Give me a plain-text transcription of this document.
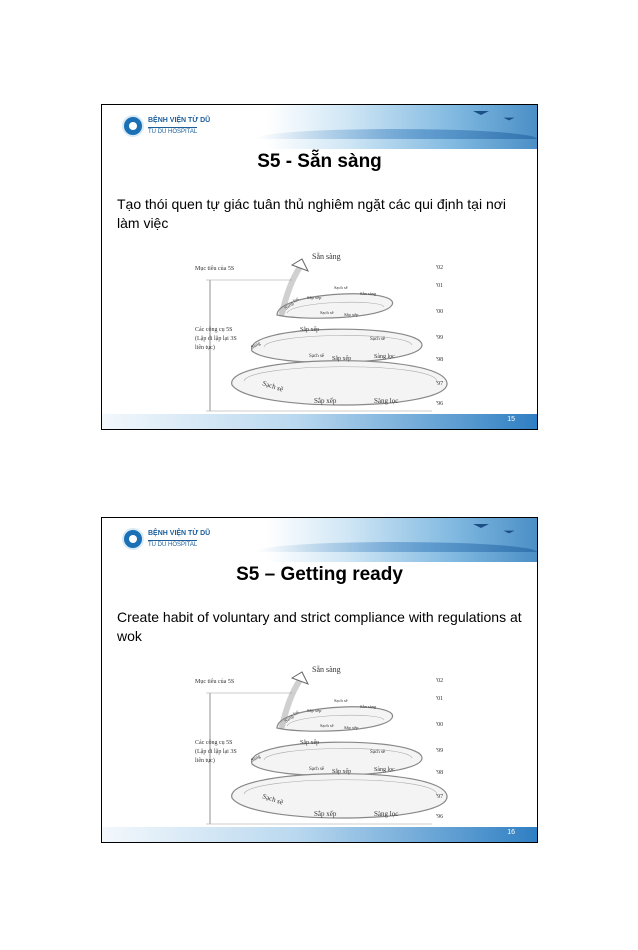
BỆNH VIỆN TỪ DŨ
TU DU HOSPITAL
S5 - Sẵn sàng
Tạo thói quen tự giác tuân thủ nghiêm ngặt các qui định tại nơi làm việc
Mục tiêu của 5S
Các công cụ 5S
(Lặp đi lặp lại 3S
liên tục)
Sẵn sàng
Sạch sẽ
Sẵn sàng
Sắp xếp
Sàng lọc
Sạch sẽ Sắp xếp
Sắp xếp
Sạch sẽ
Sàng
Sạch sẽ Sắp xếp	Sàng lọc
Sạch sẽ
Sắp xếp	Sàng lọc
'02
'01
'00
'99
'98
'97
'96
15
BỆNH VIỆN TỪ DŨ
TU DU HOSPITAL
S5 – Getting ready
Create habit of voluntary and strict compliance with regulations at wok
Mục tiêu của 5S
Các công cụ 5S
(Lặp đi lặp lại 3S
liên tục)
Sẵn sàng
Sạch sẽ
Sẵn sàng
Sắp xếp
Sàng lọc
Sạch sẽ Sắp xếp
Sắp xếp
Sạch sẽ
Sàng
Sạch sẽ Sắp xếp	Sàng lọc
Sạch sẽ
Sắp xếp	Sàng lọc
'02
'01
'00
'99
'98
'97
'96
16
